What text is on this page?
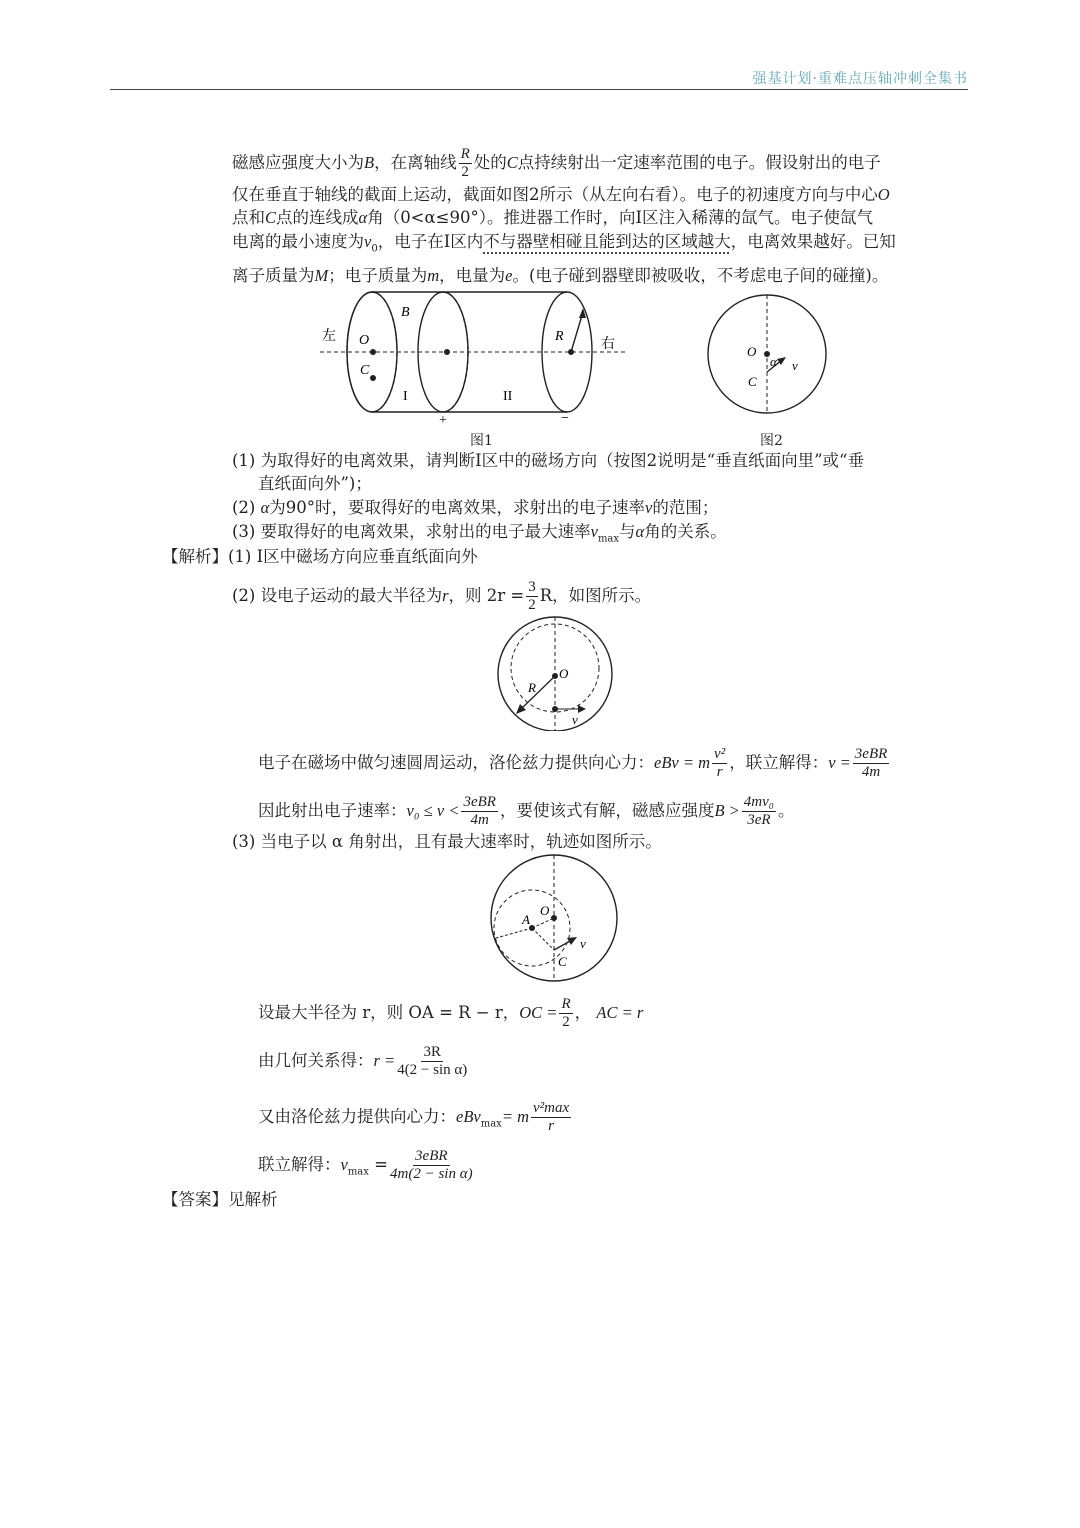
强基计划·重难点压轴冲刺全集书
磁感应强度大小为B，在离轴线 $\frac{R}{2}$ 处的C点持续射出一定速率范围的电子。假设射出的电子
仅在垂直于轴线的截面上运动，截面如图2所示（从左向右看）。电子的初速度方向与中心O
点和C点的连线成α角（0<α≤90°）。推进器工作时，向I区注入稀薄的氙气。电子使氙气
电离的最小速度为$v_0$，电子在I区内不与器壁相碰且能到达的区域越大，电离效果越好。已知
离子质量为M；电子质量为m，电量为e。(电子碰到器壁即被吸收，不考虑电子间的碰撞)。
左
右
B
O
C
R
I	II
+	−
图1
O
C
α v
图2
(1) 为取得好的电离效果，请判断I区中的磁场方向（按图2说明是“垂直纸面向里”或“垂
直纸面向外”)；
(2) α为90°时，要取得好的电离效果，求射出的电子速率v的范围；
(3) 要取得好的电离效果，求射出的电子最大速率$v_{max}$与α角的关系。
【解析】(1) I区中磁场方向应垂直纸面向外
(2) 设电子运动的最大半径为r，则 $2r = \frac{3}{2}$ R，如图所示。
O
R
v
电子在磁场中做匀速圆周运动，洛伦兹力提供向心力：eBv = m $\frac{\text{v²}}{r}$ ，联立解得：v = 3eBR
4m
因此射出电子速率：v₀ ≤ v < 3eBR
4m ，要使该式有解，磁感应强度$B > \frac{\text{4mv₀}}{3eR}$ 。
(3) 当电子以 α 角射出，且有最大速率时，轨迹如图所示。
A
O
C
v
设最大半径为 r，则 OA = R − r，OC = $\frac{R}{2}$ ， AC = r
由几何关系得：$r = \frac{3R}{\text{4(2 − sin α)}}$
又由洛伦兹力提供向心力：eBv$_{max}$= m v²max
r
联立解得：$v_{max} = 3eBR$
4m(2 − sin α)
【答案】见解析
